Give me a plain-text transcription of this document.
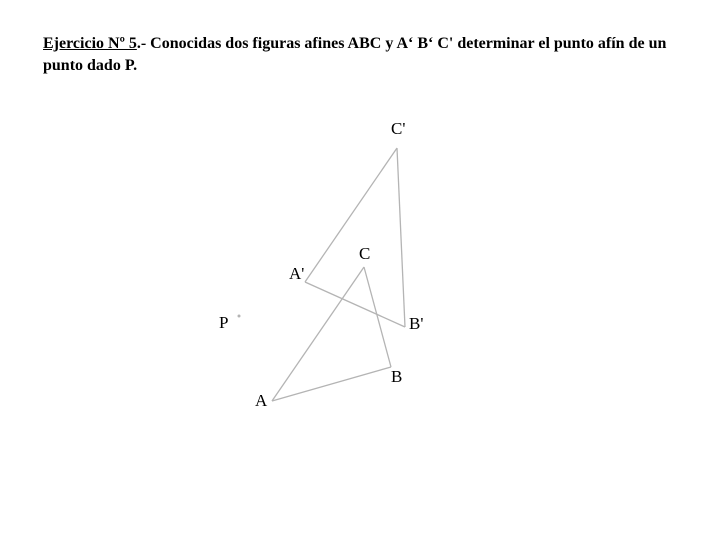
Ejercicio Nº 5.- Conocidas dos figuras afines ABC y A‘ B‘ C' determinar el punto afín de un punto dado P.
C'
C
A'
B'
P
B
A
